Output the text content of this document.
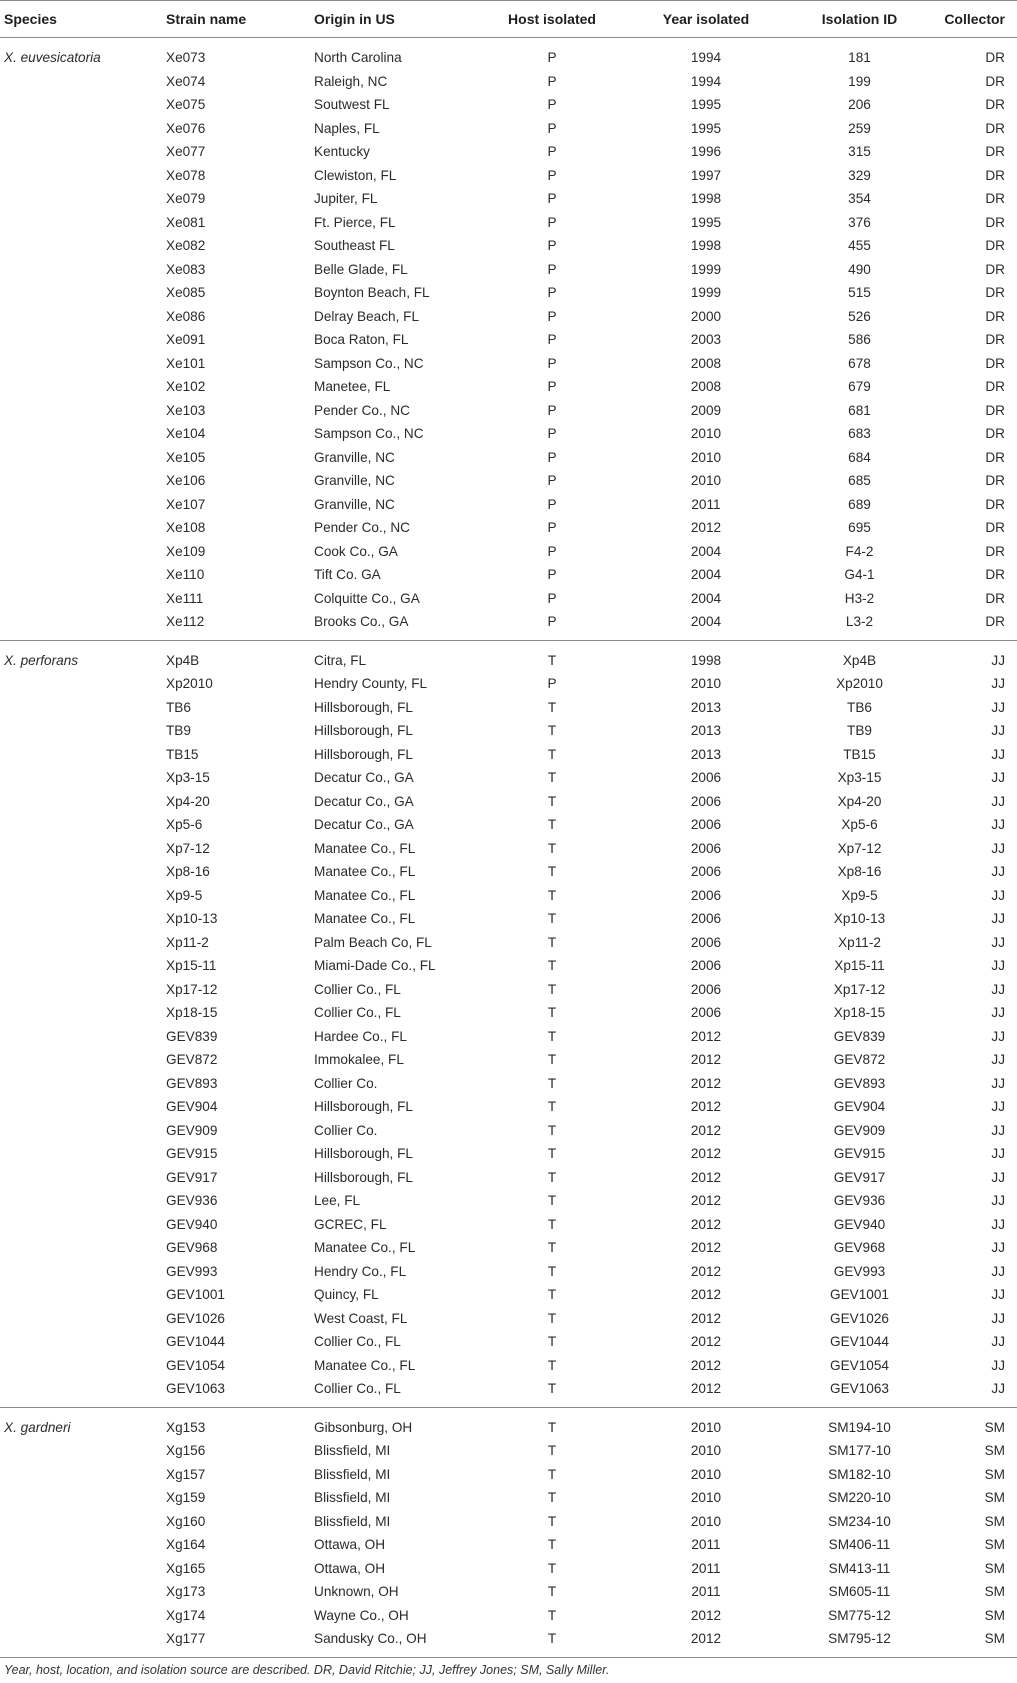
Species	Strain name	Origin in US	Host isolated	Year isolated	Isolation ID	Collector
X. euvesicatoria	Xe073	North Carolina	P	1994	181	DR
	Xe074	Raleigh, NC	P	1994	199	DR
	Xe075	Soutwest FL	P	1995	206	DR
	Xe076	Naples, FL	P	1995	259	DR
	Xe077	Kentucky	P	1996	315	DR
	Xe078	Clewiston, FL	P	1997	329	DR
	Xe079	Jupiter, FL	P	1998	354	DR
	Xe081	Ft. Pierce, FL	P	1995	376	DR
	Xe082	Southeast FL	P	1998	455	DR
	Xe083	Belle Glade, FL	P	1999	490	DR
	Xe085	Boynton Beach, FL	P	1999	515	DR
	Xe086	Delray Beach, FL	P	2000	526	DR
	Xe091	Boca Raton, FL	P	2003	586	DR
	Xe101	Sampson Co., NC	P	2008	678	DR
	Xe102	Manetee, FL	P	2008	679	DR
	Xe103	Pender Co., NC	P	2009	681	DR
	Xe104	Sampson Co., NC	P	2010	683	DR
	Xe105	Granville, NC	P	2010	684	DR
	Xe106	Granville, NC	P	2010	685	DR
	Xe107	Granville, NC	P	2011	689	DR
	Xe108	Pender Co., NC	P	2012	695	DR
	Xe109	Cook Co., GA	P	2004	F4-2	DR
	Xe110	Tift Co. GA	P	2004	G4-1	DR
	Xe111	Colquitte Co., GA	P	2004	H3-2	DR
	Xe112	Brooks Co., GA	P	2004	L3-2	DR
X. perforans	Xp4B	Citra, FL	T	1998	Xp4B	JJ
	Xp2010	Hendry County, FL	P	2010	Xp2010	JJ
	TB6	Hillsborough, FL	T	2013	TB6	JJ
	TB9	Hillsborough, FL	T	2013	TB9	JJ
	TB15	Hillsborough, FL	T	2013	TB15	JJ
	Xp3-15	Decatur Co., GA	T	2006	Xp3-15	JJ
	Xp4-20	Decatur Co., GA	T	2006	Xp4-20	JJ
	Xp5-6	Decatur Co., GA	T	2006	Xp5-6	JJ
	Xp7-12	Manatee Co., FL	T	2006	Xp7-12	JJ
	Xp8-16	Manatee Co., FL	T	2006	Xp8-16	JJ
	Xp9-5	Manatee Co., FL	T	2006	Xp9-5	JJ
	Xp10-13	Manatee Co., FL	T	2006	Xp10-13	JJ
	Xp11-2	Palm Beach Co, FL	T	2006	Xp11-2	JJ
	Xp15-11	Miami-Dade Co., FL	T	2006	Xp15-11	JJ
	Xp17-12	Collier Co., FL	T	2006	Xp17-12	JJ
	Xp18-15	Collier Co., FL	T	2006	Xp18-15	JJ
	GEV839	Hardee Co., FL	T	2012	GEV839	JJ
	GEV872	Immokalee, FL	T	2012	GEV872	JJ
	GEV893	Collier Co.	T	2012	GEV893	JJ
	GEV904	Hillsborough, FL	T	2012	GEV904	JJ
	GEV909	Collier Co.	T	2012	GEV909	JJ
	GEV915	Hillsborough, FL	T	2012	GEV915	JJ
	GEV917	Hillsborough, FL	T	2012	GEV917	JJ
	GEV936	Lee, FL	T	2012	GEV936	JJ
	GEV940	GCREC, FL	T	2012	GEV940	JJ
	GEV968	Manatee Co., FL	T	2012	GEV968	JJ
	GEV993	Hendry Co., FL	T	2012	GEV993	JJ
	GEV1001	Quincy, FL	T	2012	GEV1001	JJ
	GEV1026	West Coast, FL	T	2012	GEV1026	JJ
	GEV1044	Collier Co., FL	T	2012	GEV1044	JJ
	GEV1054	Manatee Co., FL	T	2012	GEV1054	JJ
	GEV1063	Collier Co., FL	T	2012	GEV1063	JJ
X. gardneri	Xg153	Gibsonburg, OH	T	2010	SM194-10	SM
	Xg156	Blissfield, MI	T	2010	SM177-10	SM
	Xg157	Blissfield, MI	T	2010	SM182-10	SM
	Xg159	Blissfield, MI	T	2010	SM220-10	SM
	Xg160	Blissfield, MI	T	2010	SM234-10	SM
	Xg164	Ottawa, OH	T	2011	SM406-11	SM
	Xg165	Ottawa, OH	T	2011	SM413-11	SM
	Xg173	Unknown, OH	T	2011	SM605-11	SM
	Xg174	Wayne Co., OH	T	2012	SM775-12	SM
	Xg177	Sandusky Co., OH	T	2012	SM795-12	SM

Year, host, location, and isolation source are described. DR, David Ritchie; JJ, Jeffrey Jones; SM, Sally Miller.
